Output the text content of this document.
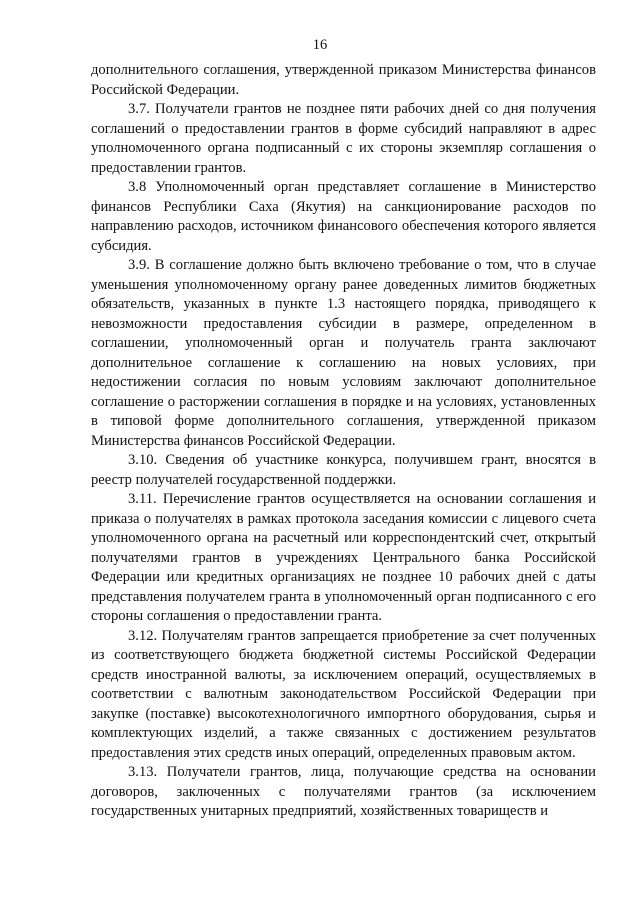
16

дополнительного соглашения, утвержденной приказом Министерства финансов Российской Федерации.

3.7. Получатели грантов не позднее пяти рабочих дней со дня получения соглашений о предоставлении грантов в форме субсидий направляют в адрес уполномоченного органа подписанный с их стороны экземпляр соглашения о предоставлении грантов.

3.8 Уполномоченный орган представляет соглашение в Министерство финансов Республики Саха (Якутия) на санкционирование расходов по направлению расходов, источником финансового обеспечения которого является субсидия.

3.9. В соглашение должно быть включено требование о том, что в случае уменьшения уполномоченному органу ранее доведенных лимитов бюджетных обязательств, указанных в пункте 1.3 настоящего порядка, приводящего к невозможности предоставления субсидии в размере, определенном в соглашении, уполномоченный орган и получатель гранта заключают дополнительное соглашение к соглашению на новых условиях, при недостижении согласия по новым условиям заключают дополнительное соглашение о расторжении соглашения в порядке и на условиях, установленных в типовой форме дополнительного соглашения, утвержденной приказом Министерства финансов Российской Федерации.

3.10. Сведения об участнике конкурса, получившем грант, вносятся в реестр получателей государственной поддержки.

3.11. Перечисление грантов осуществляется на основании соглашения и приказа о получателях в рамках протокола заседания комиссии с лицевого счета уполномоченного органа на расчетный или корреспондентский счет, открытый получателями грантов в учреждениях Центрального банка Российской Федерации или кредитных организациях не позднее 10 рабочих дней с даты представления получателем гранта в уполномоченный орган подписанного с его стороны соглашения о предоставлении гранта.

3.12. Получателям грантов запрещается приобретение за счет полученных из соответствующего бюджета бюджетной системы Российской Федерации средств иностранной валюты, за исключением операций, осуществляемых в соответствии с валютным законодательством Российской Федерации при закупке (поставке) высокотехнологичного импортного оборудования, сырья и комплектующих изделий, а также связанных с достижением результатов предоставления этих средств иных операций, определенных правовым актом.

3.13. Получатели грантов, лица, получающие средства на основании договоров, заключенных с получателями грантов (за исключением государственных унитарных предприятий, хозяйственных товариществ и
